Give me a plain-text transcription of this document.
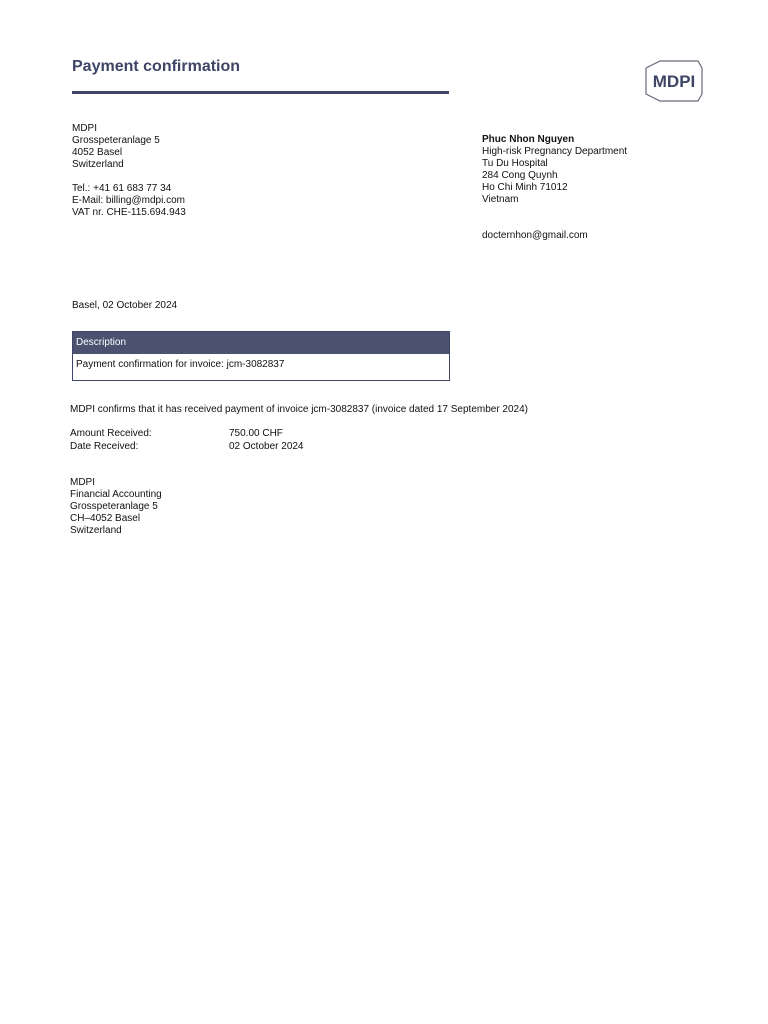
Payment confirmation
MDPI
MDPI
Grosspeteranlage 5
4052 Basel
Switzerland

Tel.: +41 61 683 77 34
E-Mail: billing@mdpi.com
VAT nr. CHE-115.694.943
Phuc Nhon Nguyen
High-risk Pregnancy Department
Tu Du Hospital
284 Cong Quynh
Ho Chi Minh 71012
Vietnam

docternhon@gmail.com
Basel, 02 October 2024
Description
Payment confirmation for invoice: jcm-3082837
MDPI confirms that it has received payment of invoice jcm-3082837 (invoice dated 17 September 2024)
Amount Received:	750.00 CHF
Date Received:	02 October 2024
MDPI
Financial Accounting
Grosspeteranlage 5
CH–4052 Basel
Switzerland
